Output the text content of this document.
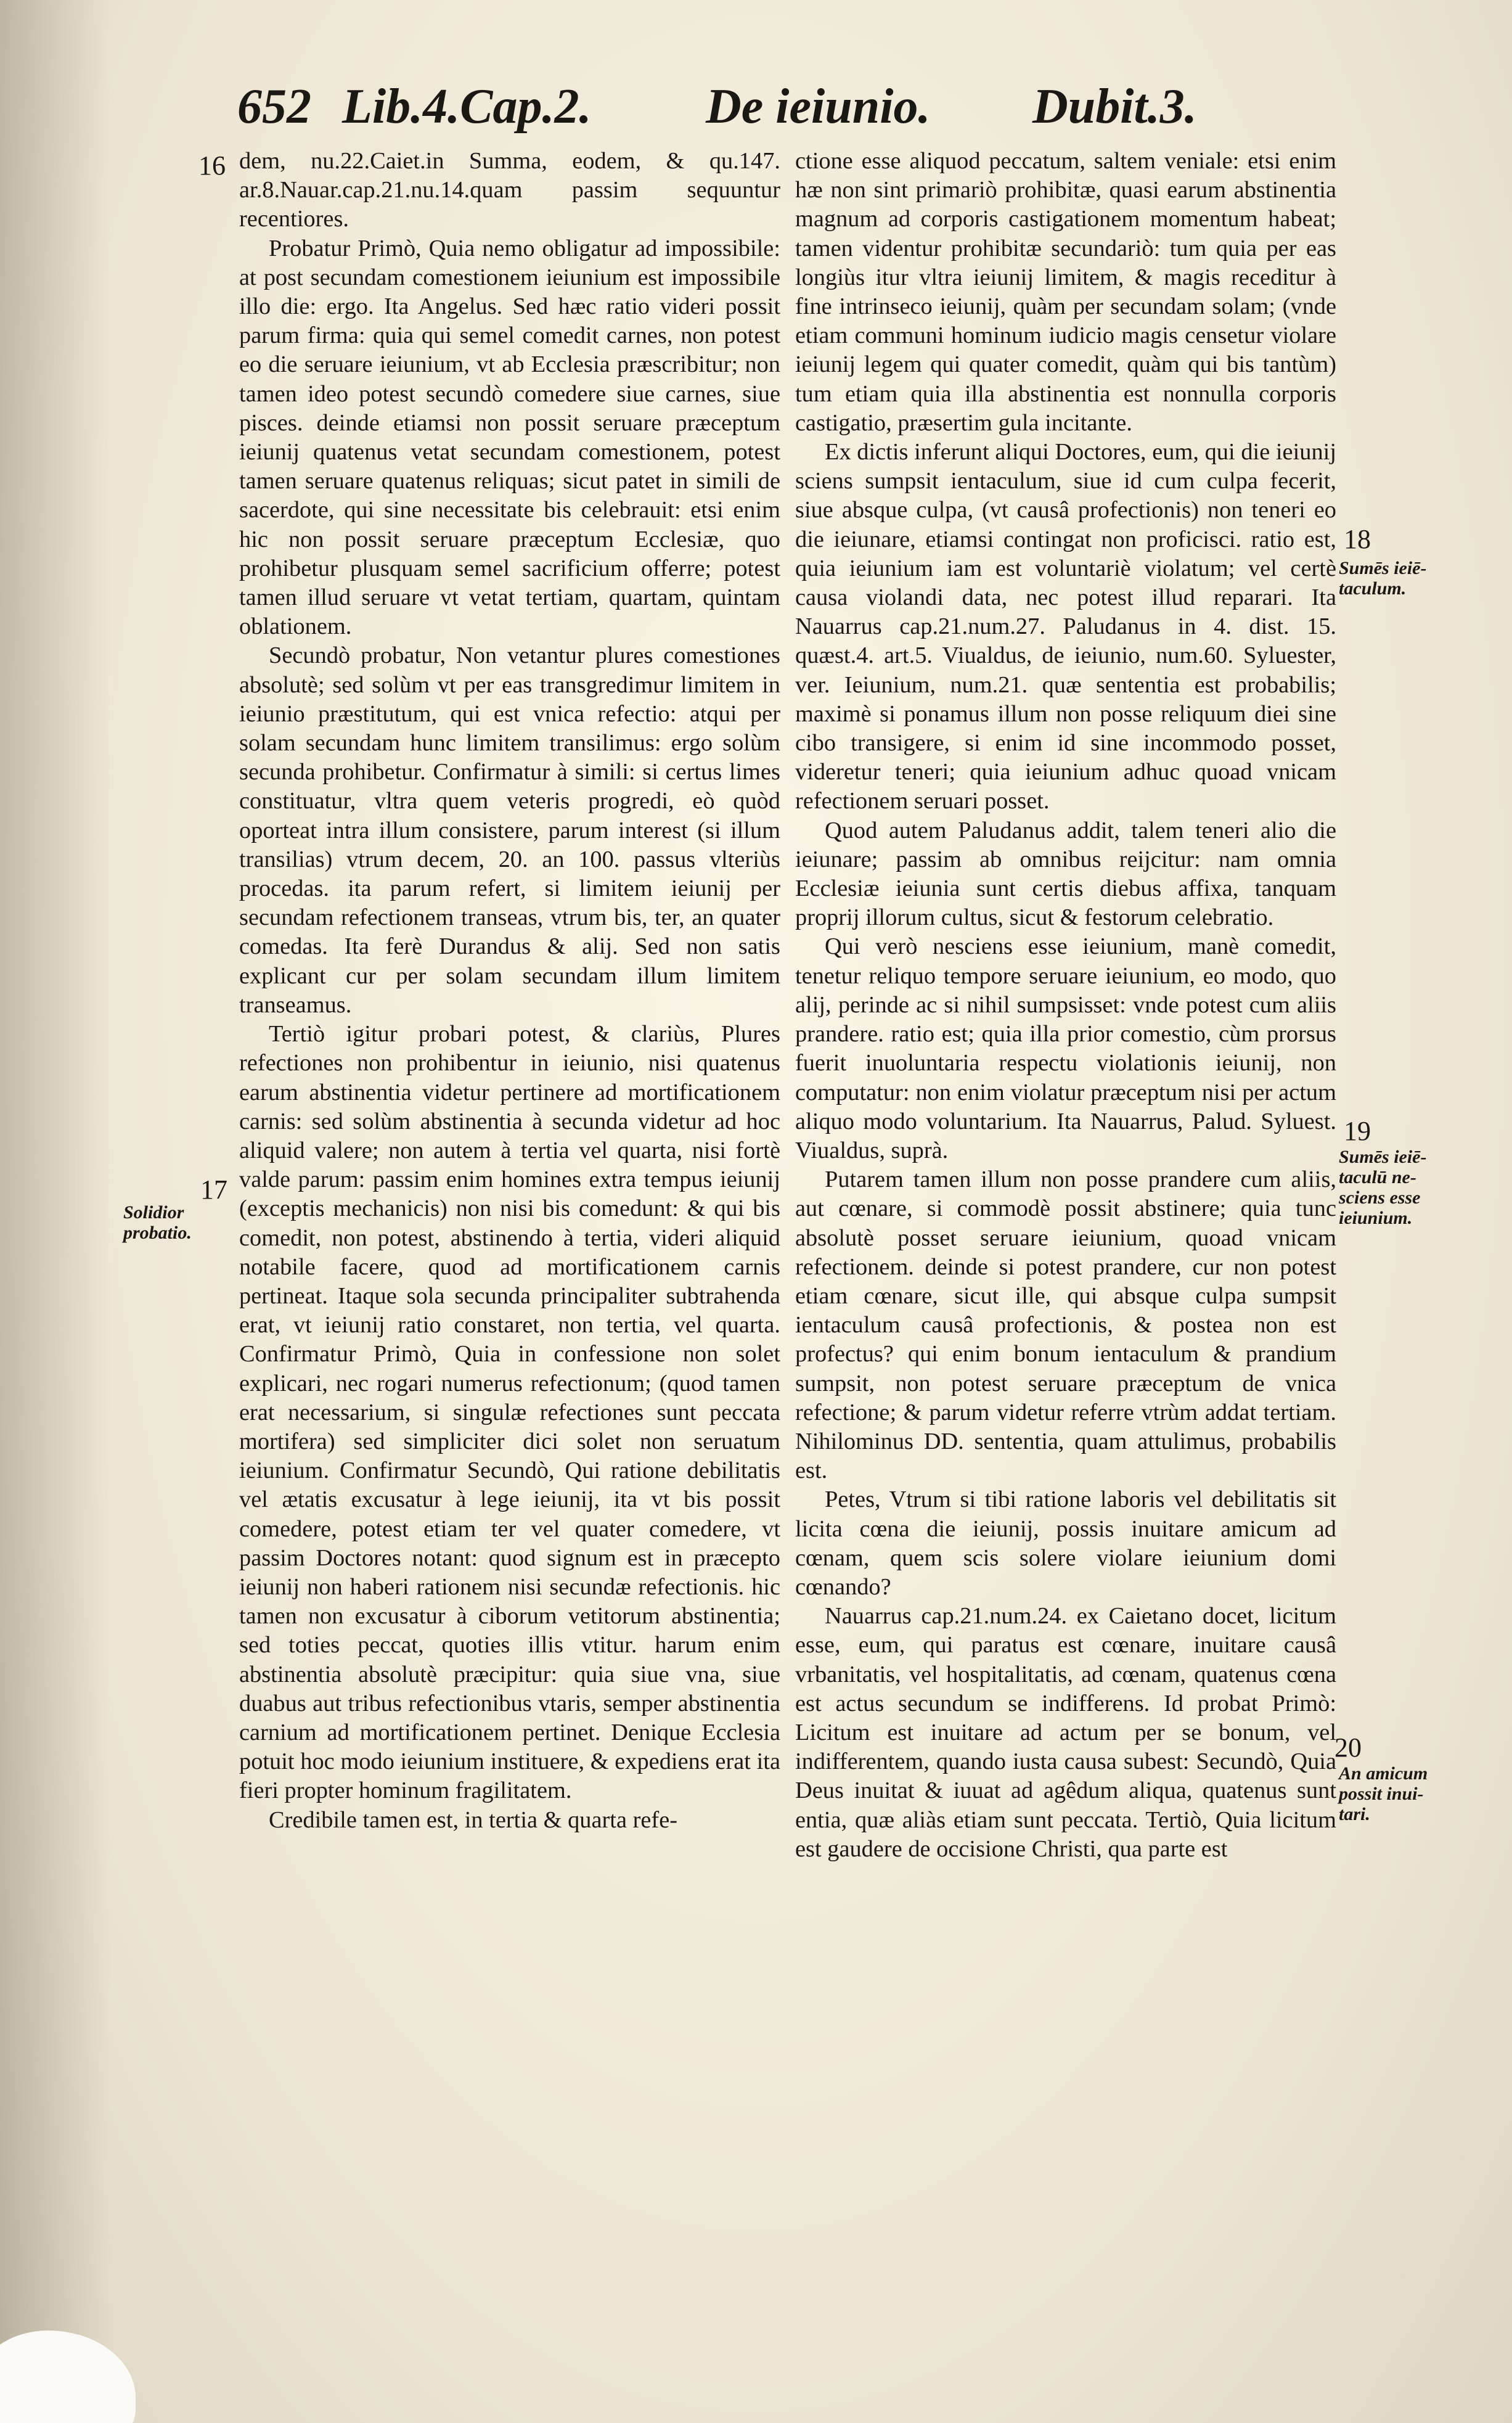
652 Lib.4.Cap.2. De ieiunio. Dubit.3.
16
17
Solidior
probatio.
18
Sumēs ieiē-
taculum.
19
Sumēs ieiē-
taculū ne-
sciens esse
ieiunium.
20
An amicum
possit inui-
tari.

dem, nu.22.Caiet.in Summa, eodem, & qu.147. ar.8.Nauar.cap.21.nu.14.quam passim sequuntur recentiores.

Probatur Primò, Quia nemo obligatur ad impossibile: at post secundam comestionem ieiunium est impossibile illo die: ergo. Ita Angelus. Sed hæc ratio videri possit parum firma: quia qui semel comedit carnes, non potest eo die seruare ieiunium, vt ab Ecclesia præscribitur; non tamen ideo potest secundò comedere siue carnes, siue pisces. deinde etiamsi non possit seruare præceptum ieiunij quatenus vetat secundam comestionem, potest tamen seruare quatenus reliquas; sicut patet in simili de sacerdote, qui sine necessitate bis celebrauit: etsi enim hic non possit seruare præceptum Ecclesiæ, quo prohibetur plusquam semel sacrificium offerre; potest tamen illud seruare vt vetat tertiam, quartam, quintam oblationem.

Secundò probatur, Non vetantur plures comestiones absolutè; sed solùm vt per eas transgredimur limitem in ieiunio præstitutum, qui est vnica refectio: atqui per solam secundam hunc limitem transilimus: ergo solùm secunda prohibetur. Confirmatur à simili: si certus limes constituatur, vltra quem veteris progredi, eò quòd oporteat intra illum consistere, parum interest (si illum transilias) vtrum decem, 20. an 100. passus vlteriùs procedas. ita parum refert, si limitem ieiunij per secundam refectionem transeas, vtrum bis, ter, an quater comedas. Ita ferè Durandus & alij. Sed non satis explicant cur per solam secundam illum limitem transeamus.

Tertiò igitur probari potest, & clariùs, Plures refectiones non prohibentur in ieiunio, nisi quatenus earum abstinentia videtur pertinere ad mortificationem carnis: sed solùm abstinentia à secunda videtur ad hoc aliquid valere; non autem à tertia vel quarta, nisi fortè valde parum: passim enim homines extra tempus ieiunij (exceptis mechanicis) non nisi bis comedunt: & qui bis comedit, non potest, abstinendo à tertia, videri aliquid notabile facere, quod ad mortificationem carnis pertineat. Itaque sola secunda principaliter subtrahenda erat, vt ieiunij ratio constaret, non tertia, vel quarta. Confirmatur Primò, Quia in confessione non solet explicari, nec rogari numerus refectionum; (quod tamen erat necessarium, si singulæ refectiones sunt peccata mortifera) sed simpliciter dici solet non seruatum ieiunium. Confirmatur Secundò, Qui ratione debilitatis vel ætatis excusatur à lege ieiunij, ita vt bis possit comedere, potest etiam ter vel quater comedere, vt passim Doctores notant: quod signum est in præcepto ieiunij non haberi rationem nisi secundæ refectionis. hic tamen non excusatur à ciborum vetitorum abstinentia; sed toties peccat, quoties illis vtitur. harum enim abstinentia absolutè præcipitur: quia siue vna, siue duabus aut tribus refectionibus vtaris, semper abstinentia carnium ad mortificationem pertinet. Denique Ecclesia potuit hoc modo ieiunium instituere, & expediens erat ita fieri propter hominum fragilitatem.

Credibile tamen est, in tertia & quarta refe-

ctione esse aliquod peccatum, saltem veniale: etsi enim hæ non sint primariò prohibitæ, quasi earum abstinentia magnum ad corporis castigationem momentum habeat; tamen videntur prohibitæ secundariò: tum quia per eas longiùs itur vltra ieiunij limitem, & magis receditur à fine intrinseco ieiunij, quàm per secundam solam; (vnde etiam communi hominum iudicio magis censetur violare ieiunij legem qui quater comedit, quàm qui bis tantùm) tum etiam quia illa abstinentia est nonnulla corporis castigatio, præsertim gula incitante.

Ex dictis inferunt aliqui Doctores, eum, qui die ieiunij sciens sumpsit ientaculum, siue id cum culpa fecerit, siue absque culpa, (vt causâ profectionis) non teneri eo die ieiunare, etiamsi contingat non proficisci. ratio est, quia ieiunium iam est voluntariè violatum; vel certè causa violandi data, nec potest illud reparari. Ita Nauarrus cap.21.num.27. Paludanus in 4. dist. 15. quæst.4. art.5. Viualdus, de ieiunio, num.60. Syluester, ver. Ieiunium, num.21. quæ sententia est probabilis; maximè si ponamus illum non posse reliquum diei sine cibo transigere, si enim id sine incommodo posset, videretur teneri; quia ieiunium adhuc quoad vnicam refectionem seruari posset.

Quod autem Paludanus addit, talem teneri alio die ieiunare; passim ab omnibus reijcitur: nam omnia Ecclesiæ ieiunia sunt certis diebus affixa, tanquam proprij illorum cultus, sicut & festorum celebratio.

Qui verò nesciens esse ieiunium, manè comedit, tenetur reliquo tempore seruare ieiunium, eo modo, quo alij, perinde ac si nihil sumpsisset: vnde potest cum aliis prandere. ratio est; quia illa prior comestio, cùm prorsus fuerit inuoluntaria respectu violationis ieiunij, non computatur: non enim violatur præceptum nisi per actum aliquo modo voluntarium. Ita Nauarrus, Palud. Syluest. Viualdus, suprà.

Putarem tamen illum non posse prandere cum aliis, aut cœnare, si commodè possit abstinere; quia tunc absolutè posset seruare ieiunium, quoad vnicam refectionem. deinde si potest prandere, cur non potest etiam cœnare, sicut ille, qui absque culpa sumpsit ientaculum causâ profectionis, & postea non est profectus? qui enim bonum ientaculum & prandium sumpsit, non potest seruare præceptum de vnica refectione; & parum videtur referre vtrùm addat tertiam. Nihilominus DD. sententia, quam attulimus, probabilis est.

Petes, Vtrum si tibi ratione laboris vel debilitatis sit licita cœna die ieiunij, possis inuitare amicum ad cœnam, quem scis solere violare ieiunium domi cœnando?

Nauarrus cap.21.num.24. ex Caietano docet, licitum esse, eum, qui paratus est cœnare, inuitare causâ vrbanitatis, vel hospitalitatis, ad cœnam, quatenus cœna est actus secundum se indifferens. Id probat Primò: Licitum est inuitare ad actum per se bonum, vel indifferentem, quando iusta causa subest: Secundò, Quia Deus inuitat & iuuat ad agêdum aliqua, quatenus sunt entia, quæ aliàs etiam sunt peccata. Tertiò, Quia licitum est gaudere de occisione Christi, qua parte est
